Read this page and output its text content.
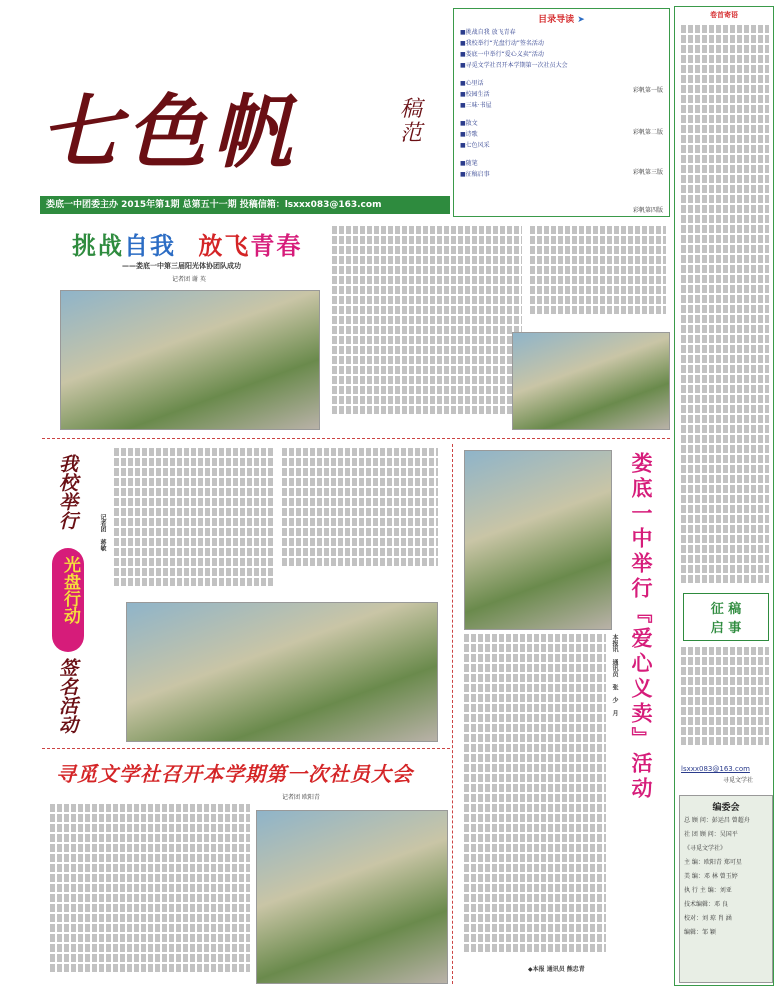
七色帆	稿范
娄底一中团委主办 2015年第1期 总第五十一期 投稿信箱：lsxxx083@163.com
目录导读 ➤
■挑战自我 放飞青春
■我校举行“光盘行动”签名活动
■娄底一中举行“爱心义卖”活动
■寻觅文学社召开本学期第一次社员大会
■心里话
■校园生活
■三味·书屋
■散文
■诗歌
■七色风采
■随笔
■征稿启事
彩帆第一版
彩帆第二版
彩帆第三版
彩帆第四版
挑战自我 放飞青春
——娄底一中第三届阳光体协团队成功
记者团 谢 英
我校举行
光盘行动
签名活动
记者团 蒋敏	娄底一中举行『爱心义卖』活动
本报讯 通讯员 张 少 月
◆本报 通讯员 熊忠青
寻觅文学社召开本学期第一次社员大会
记者团 欧阳青
卷首寄语
征 稿
启 事
lsxxx083@163.com
寻觅文学社
编委会
总 顾 问：彭运昌 曾超舟
社 团 顾 问：吴国平
《寻觅文学社》
主 编：欧阳青 郑可星
美 编：邓 林 曾玉婷
执 行 主 编：刘亚
技术编辑：邓 良
校对：刘 琼 肖 涵
编辑：邹 颖
